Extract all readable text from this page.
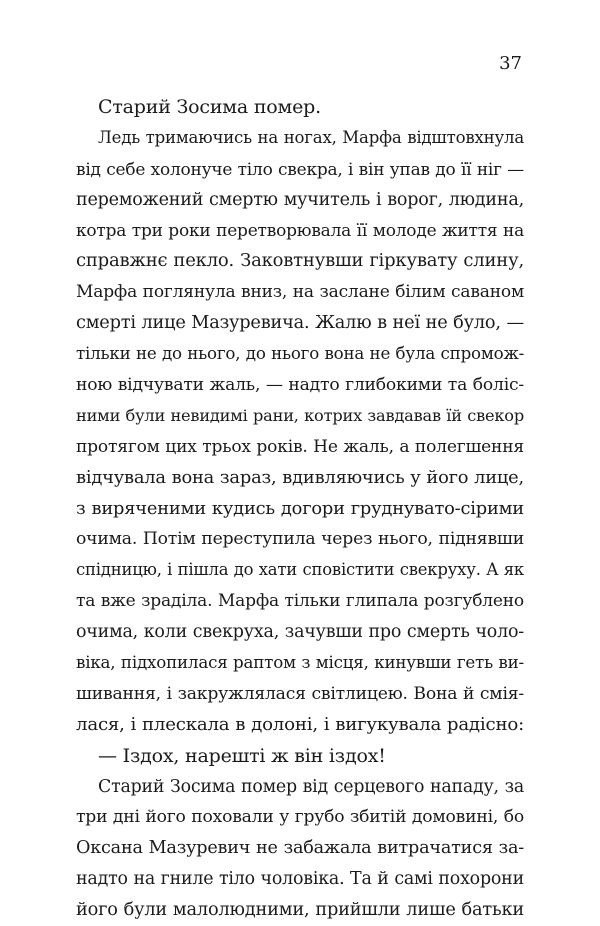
37
Старий Зосима помер.
Ледь тримаючись на ногах, Марфа відштовхнула
від себе холонуче тіло свекра, і він упав до її ніг —
переможений смертю мучитель і ворог, людина,
котра три роки перетворювала її молоде життя на
справжнє пекло. Заковтнувши гіркувату слину,
Марфа поглянула вниз, на заслане білим саваном
смерті лице Мазуревича. Жалю в неї не було, —
тільки не до нього, до нього вона не була спромож-
ною відчувати жаль, — надто глибокими та боліс-
ними були невидимі рани, котрих завдавав їй свекор
протягом цих трьох років. Не жаль, а полегшення
відчувала вона зараз, вдивляючись у його лице,
з виряченими кудись догори груднувато-сірими
очима. Потім переступила через нього, піднявши
спідницю, і пішла до хати сповістити свекруху. А як
та вже зраділа. Марфа тільки глипала розгублено
очима, коли свекруха, зачувши про смерть чоло-
віка, підхопилася раптом з місця, кинувши геть ви-
шивання, і закружлялася світлицею. Вона й смія-
лася, і плескала в долоні, і вигукувала радісно:
— Іздох, нарешті ж він іздох!
Старий Зосима помер від серцевого нападу, за
три дні його поховали у грубо збитій домовині, бо
Оксана Мазуревич не забажала витрачатися за-
надто на гниле тіло чоловіка. Та й самі похорони
його були малолюдними, прийшли лише батьки
